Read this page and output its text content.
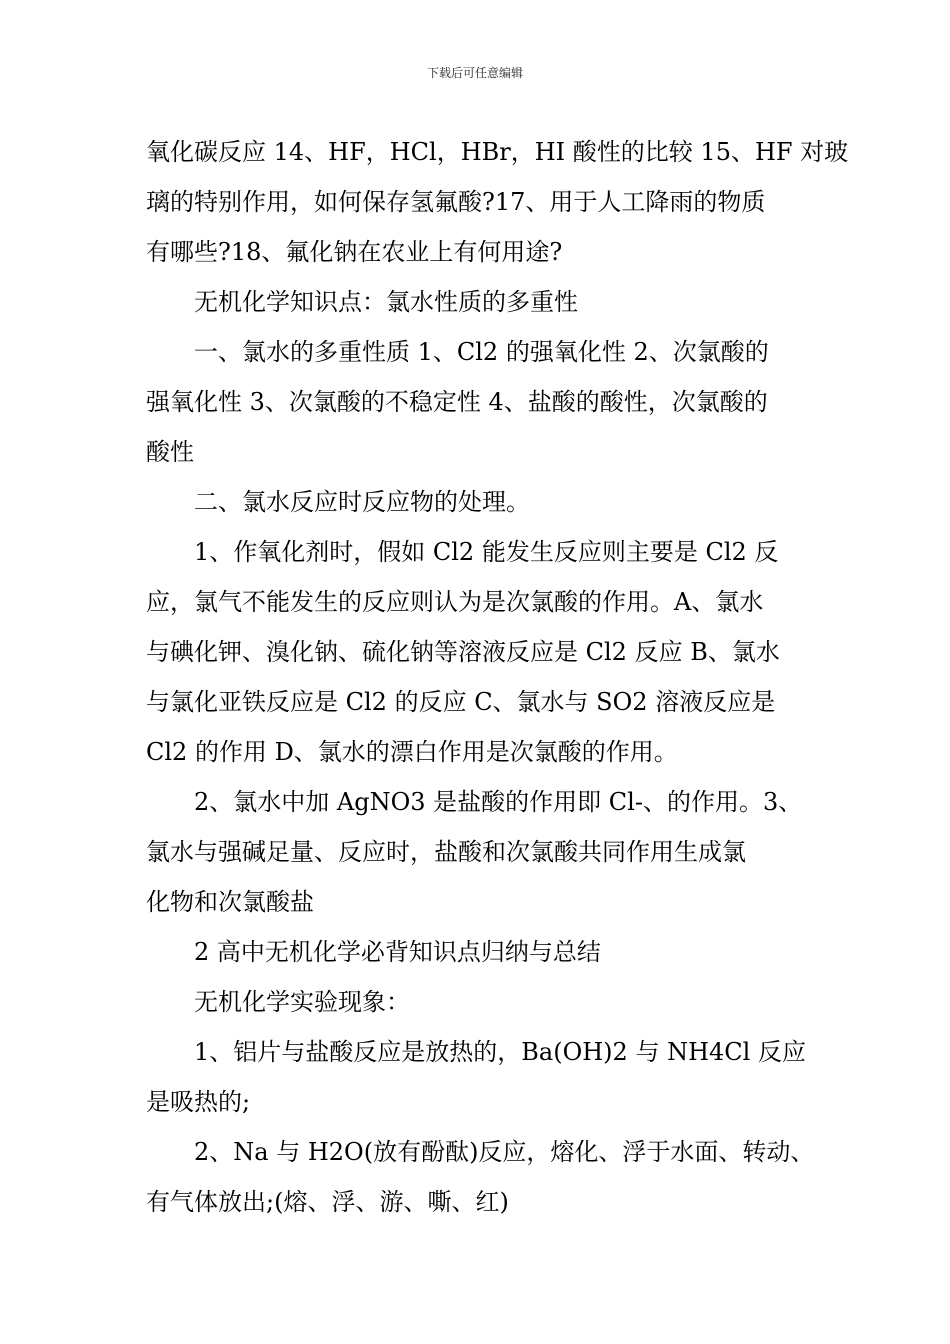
下载后可任意编辑
氧化碳反应 14、HF，HCl，HBr，HI 酸性的比较 15、HF 对玻
璃的特别作用，如何保存氢氟酸?17、用于人工降雨的物质
有哪些?18、氟化钠在农业上有何用途?
无机化学知识点：氯水性质的多重性
一、氯水的多重性质 1、Cl2 的强氧化性 2、次氯酸的
强氧化性 3、次氯酸的不稳定性 4、盐酸的酸性，次氯酸的
酸性
二、氯水反应时反应物的处理。
1、作氧化剂时，假如 Cl2 能发生反应则主要是 Cl2 反
应，氯气不能发生的反应则认为是次氯酸的作用。A、氯水
与碘化钾、溴化钠、硫化钠等溶液反应是 Cl2 反应 B、氯水
与氯化亚铁反应是 Cl2 的反应 C、氯水与 SO2 溶液反应是
Cl2 的作用 D、氯水的漂白作用是次氯酸的作用。
2、氯水中加 AgNO3 是盐酸的作用即 Cl-、的作用。3、
氯水与强碱足量、反应时，盐酸和次氯酸共同作用生成氯
化物和次氯酸盐
2 高中无机化学必背知识点归纳与总结
无机化学实验现象：
1、铝片与盐酸反应是放热的，Ba(OH)2 与 NH4Cl 反应
是吸热的;
2、Na 与 H2O(放有酚酞)反应，熔化、浮于水面、转动、
有气体放出;(熔、浮、游、嘶、红)
